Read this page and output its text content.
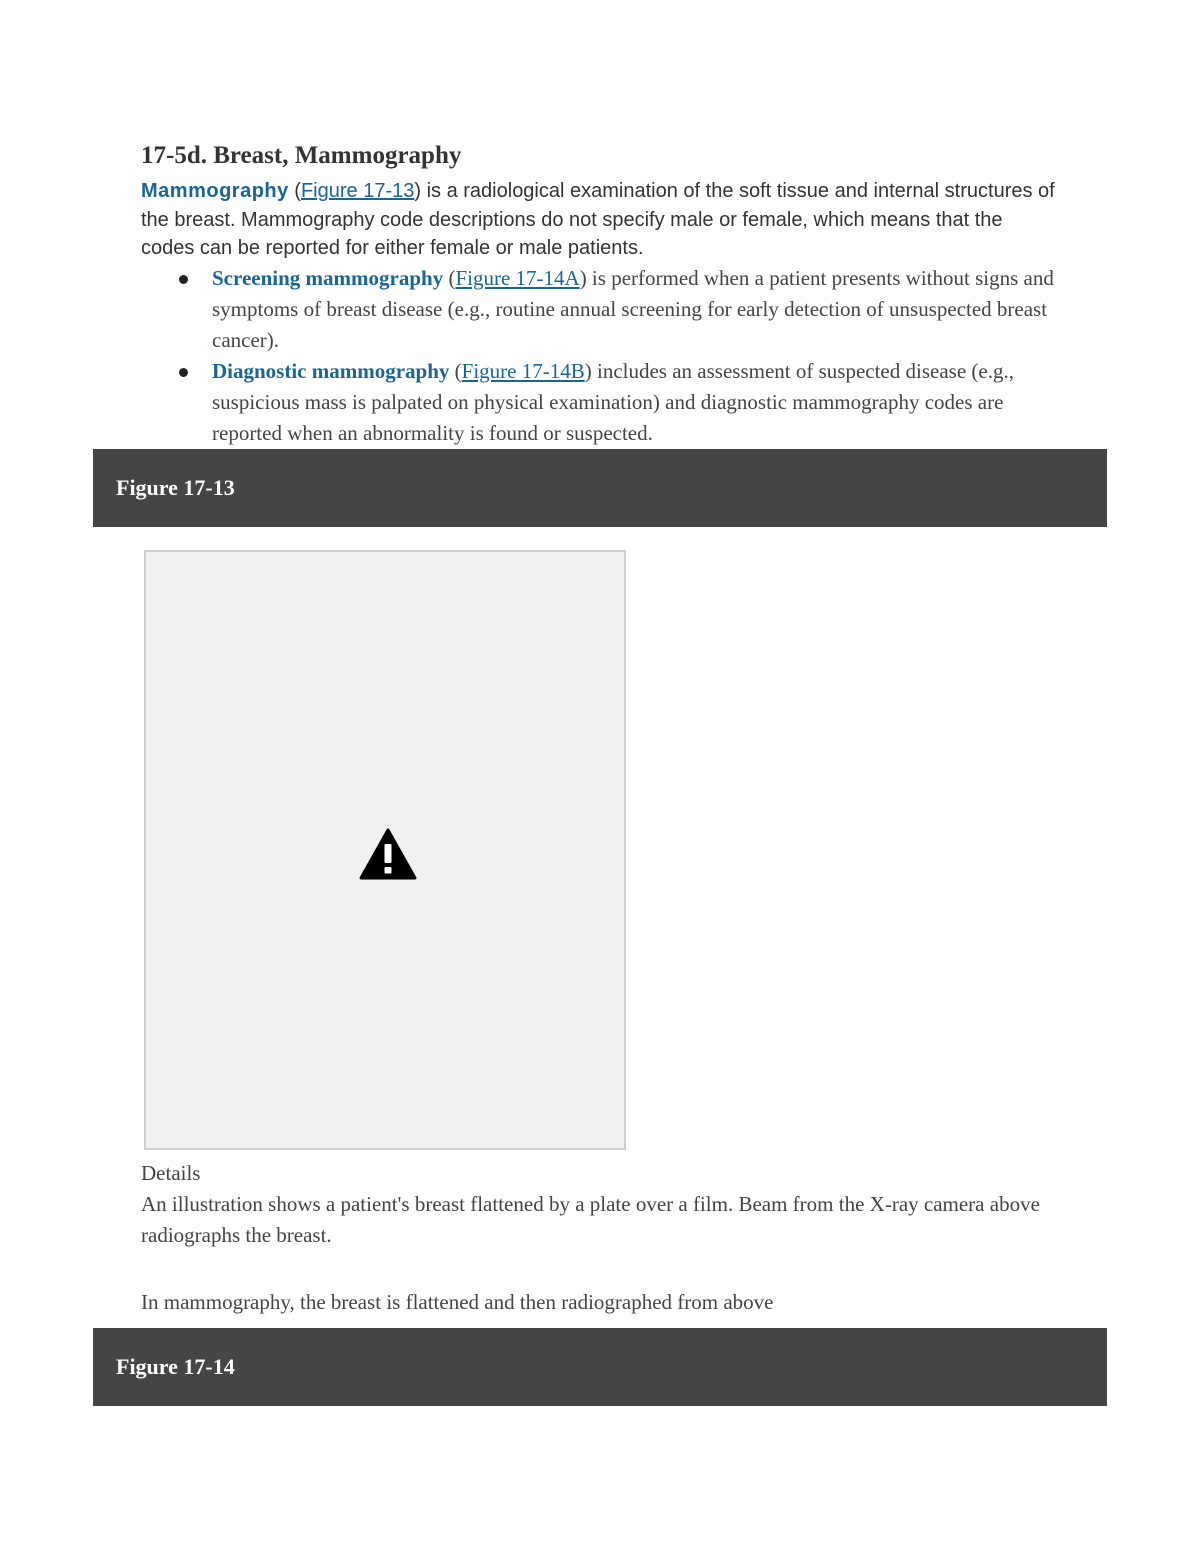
17-5d. Breast, Mammography

Mammography (Figure 17-13) is a radiological examination of the soft tissue and internal structures of the breast. Mammography code descriptions do not specify male or female, which means that the codes can be reported for either female or male patients.

Screening mammography (Figure 17-14A) is performed when a patient presents without signs and symptoms of breast disease (e.g., routine annual screening for early detection of unsuspected breast cancer).
Diagnostic mammography (Figure 17-14B) includes an assessment of suspected disease (e.g., suspicious mass is palpated on physical examination) and diagnostic mammography codes are reported when an abnormality is found or suspected.
Figure 17-13
Details
An illustration shows a patient's breast flattened by a plate over a film. Beam from the X-ray camera above radiographs the breast.

In mammography, the breast is flattened and then radiographed from above

Figure 17-14
